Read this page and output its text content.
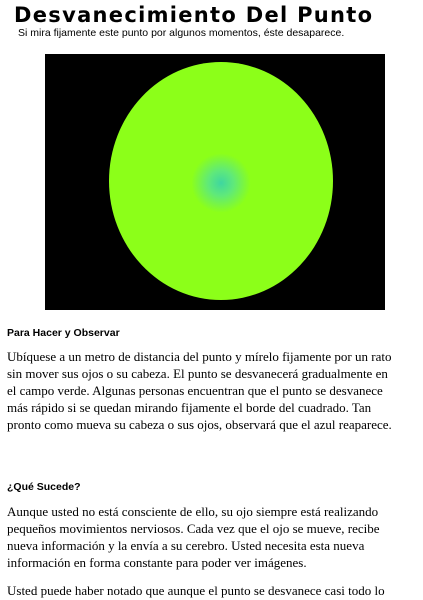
Desvanecimiento Del Punto

Si mira fijamente este punto por algunos momentos, éste desaparece.

Para Hacer y Observar

Ubíquese a un metro de distancia del punto y mírelo fijamente por un rato
sin mover sus ojos o su cabeza. El punto se desvanecerá gradualmente en
el campo verde. Algunas personas encuentran que el punto se desvanece
más rápido si se quedan mirando fijamente el borde del cuadrado. Tan
pronto como mueva su cabeza o sus ojos, observará que el azul reaparece.

¿Qué Sucede?

Aunque usted no está consciente de ello, su ojo siempre está realizando
pequeños movimientos nerviosos. Cada vez que el ojo se mueve, recibe
nueva información y la envía a su cerebro. Usted necesita esta nueva
información en forma constante para poder ver imágenes.

Usted puede haber notado que aunque el punto se desvanece casi todo lo
